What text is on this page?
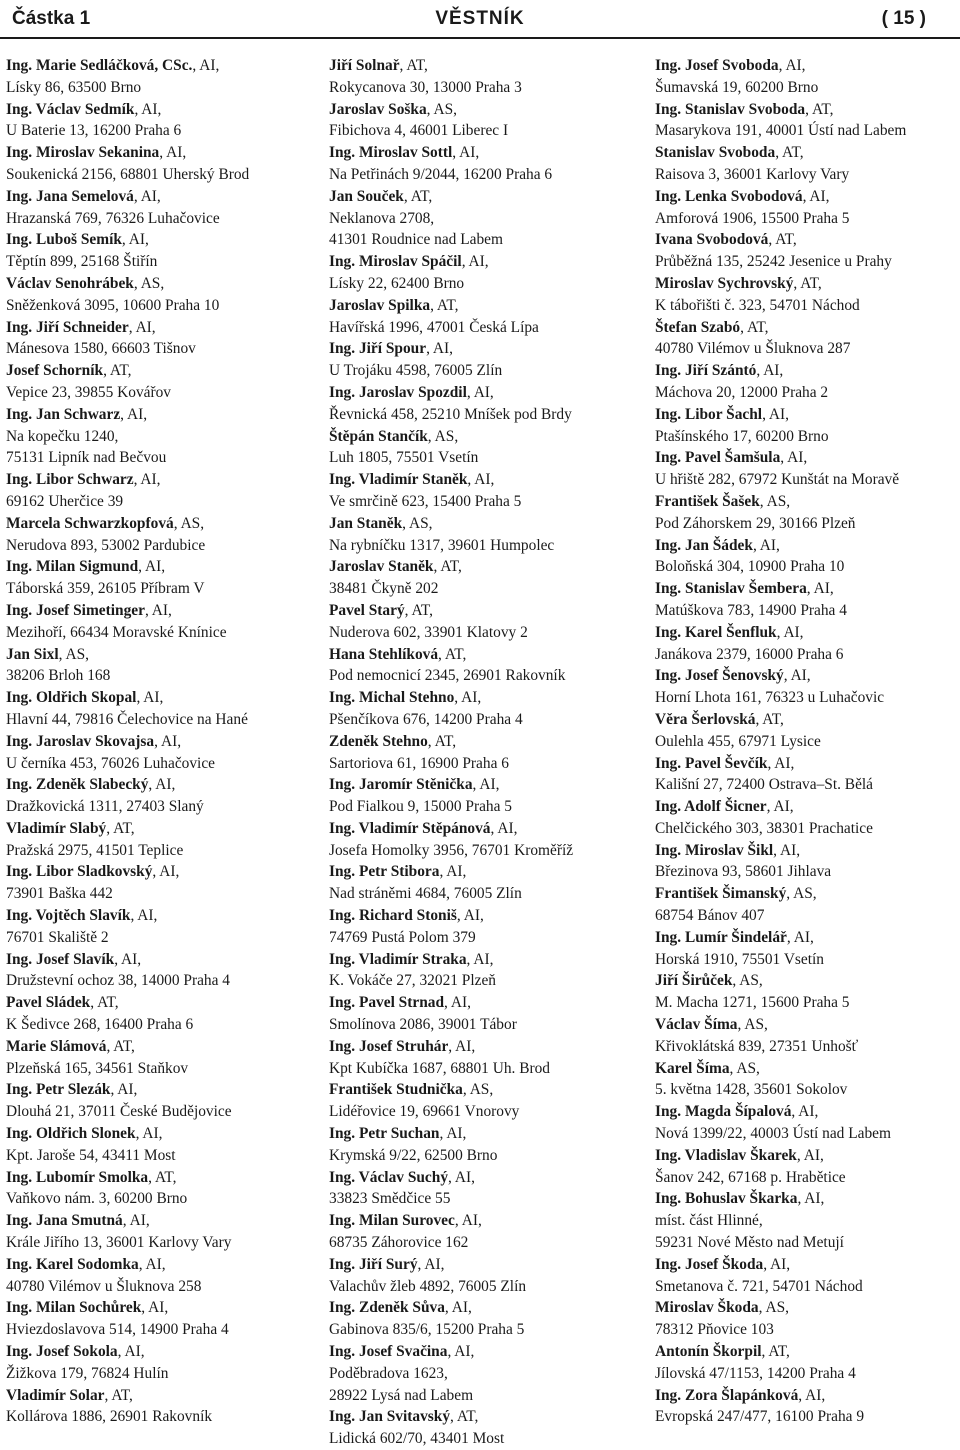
Částka 1	VĚSTNÍK	( 15 )
Ing. Marie Sedláčková, CSc., AI,
Lísky 86, 63500 Brno
Ing. Václav Sedmík, AI,
U Baterie 13, 16200 Praha 6
Ing. Miroslav Sekanina, AI,
Soukenická 2156, 68801 Uherský Brod
Ing. Jana Semelová, AI,
Hrazanská 769, 76326 Luhačovice
Ing. Luboš Semík, AI,
Těptín 899, 25168 Štiřín
Václav Senohrábek, AS,
Sněženková 3095, 10600 Praha 10
Ing. Jiří Schneider, AI,
Mánesova 1580, 66603 Tišnov
Josef Schorník, AT,
Vepice 23, 39855 Kovářov
Ing. Jan Schwarz, AI,
Na kopečku 1240,
75131 Lipník nad Bečvou
Ing. Libor Schwarz, AI,
69162 Uherčice 39
Marcela Schwarzkopfová, AS,
Nerudova 893, 53002 Pardubice
Ing. Milan Sigmund, AI,
Táborská 359, 26105 Příbram V
Ing. Josef Simetinger, AI,
Mezihoří, 66434 Moravské Knínice
Jan Sixl, AS,
38206 Brloh 168
Ing. Oldřich Skopal, AI,
Hlavní 44, 79816 Čelechovice na Hané
Ing. Jaroslav Skovajsa, AI,
U černíka 453, 76026 Luhačovice
Ing. Zdeněk Slabecký, AI,
Dražkovická 1311, 27403 Slaný
Vladimír Slabý, AT,
Pražská 2975, 41501 Teplice
Ing. Libor Sladkovský, AI,
73901 Baška 442
Ing. Vojtěch Slavík, AI,
76701 Skaliště 2
Ing. Josef Slavík, AI,
Družstevní ochoz 38, 14000 Praha 4
Pavel Sládek, AT,
K Šedivce 268, 16400 Praha 6
Marie Slámová, AT,
Plzeňská 165, 34561 Staňkov
Ing. Petr Slezák, AI,
Dlouhá 21, 37011 České Budějovice
Ing. Oldřich Slonek, AI,
Kpt. Jaroše 54, 43411 Most
Ing. Lubomír Smolka, AT,
Vaňkovo nám. 3, 60200 Brno
Ing. Jana Smutná, AI,
Krále Jiřího 13, 36001 Karlovy Vary
Ing. Karel Sodomka, AI,
40780 Vilémov u Šluknova 258
Ing. Milan Sochůrek, AI,
Hviezdoslavova 514, 14900 Praha 4
Ing. Josef Sokola, AI,
Žižkova 179, 76824 Hulín
Vladimír Solar, AT,
Kollárova 1886, 26901 Rakovník
Jiří Solnař, AT,
Rokycanova 30, 13000 Praha 3
Jaroslav Soška, AS,
Fibichova 4, 46001 Liberec I
Ing. Miroslav Sottl, AI,
Na Petřinách 9/2044, 16200 Praha 6
Jan Souček, AT,
Neklanova 2708,
41301 Roudnice nad Labem
Ing. Miroslav Spáčil, AI,
Lísky 22, 62400 Brno
Jaroslav Spilka, AT,
Havířská 1996, 47001 Česká Lípa
Ing. Jiří Spour, AI,
U Trojáku 4598, 76005 Zlín
Ing. Jaroslav Spozdil, AI,
Řevnická 458, 25210 Mníšek pod Brdy
Štěpán Stančík, AS,
Luh 1805, 75501 Vsetín
Ing. Vladimír Staněk, AI,
Ve smrčině 623, 15400 Praha 5
Jan Staněk, AS,
Na rybníčku 1317, 39601 Humpolec
Jaroslav Staněk, AT,
38481 Čkyně 202
Pavel Starý, AT,
Nuderova 602, 33901 Klatovy 2
Hana Stehlíková, AT,
Pod nemocnicí 2345, 26901 Rakovník
Ing. Michal Stehno, AI,
Pšenčíkova 676, 14200 Praha 4
Zdeněk Stehno, AT,
Sartoriova 61, 16900 Praha 6
Ing. Jaromír Stěnička, AI,
Pod Fialkou 9, 15000 Praha 5
Ing. Vladimír Stěpánová, AI,
Josefa Homolky 3956, 76701 Kroměříž
Ing. Petr Stibora, AI,
Nad stráněmi 4684, 76005 Zlín
Ing. Richard Stoniš, AI,
74769 Pustá Polom 379
Ing. Vladimír Straka, AI,
K. Vokáče 27, 32021 Plzeň
Ing. Pavel Strnad, AI,
Smolínova 2086, 39001 Tábor
Ing. Josef Struhár, AI,
Kpt Kubíčka 1687, 68801 Uh. Brod
František Studnička, AS,
Lidéřovice 19, 69661 Vnorovy
Ing. Petr Suchan, AI,
Krymská 9/22, 62500 Brno
Ing. Václav Suchý, AI,
33823 Smědčice 55
Ing. Milan Surovec, AI,
68735 Záhorovice 162
Ing. Jiří Surý, AI,
Valachův žleb 4892, 76005 Zlín
Ing. Zdeněk Sůva, AI,
Gabinova 835/6, 15200 Praha 5
Ing. Josef Svačina, AI,
Poděbradova 1623,
28922 Lysá nad Labem
Ing. Jan Svitavský, AT,
Lidická 602/70, 43401 Most
Ing. Josef Svoboda, AI,
Šumavská 19, 60200 Brno
Ing. Stanislav Svoboda, AT,
Masarykova 191, 40001 Ústí nad Labem
Stanislav Svoboda, AT,
Raisova 3, 36001 Karlovy Vary
Ing. Lenka Svobodová, AI,
Amforová 1906, 15500 Praha 5
Ivana Svobodová, AT,
Průběžná 135, 25242 Jesenice u Prahy
Miroslav Sychrovský, AT,
K tábořišti č. 323, 54701 Náchod
Štefan Szabó, AT,
40780 Vilémov u Šluknova 287
Ing. Jiří Szántó, AI,
Máchova 20, 12000 Praha 2
Ing. Libor Šachl, AI,
Ptašínského 17, 60200 Brno
Ing. Pavel Šamšula, AI,
U hřiště 282, 67972 Kunštát na Moravě
František Šašek, AS,
Pod Záhorskem 29, 30166 Plzeň
Ing. Jan Šádek, AI,
Boloňská 304, 10900 Praha 10
Ing. Stanislav Šembera, AI,
Matúškova 783, 14900 Praha 4
Ing. Karel Šenfluk, AI,
Janákova 2379, 16000 Praha 6
Ing. Josef Šenovský, AI,
Horní Lhota 161, 76323 u Luhačovic
Věra Šerlovská, AT,
Oulehla 455, 67971 Lysice
Ing. Pavel Ševčík, AI,
Kališní 27, 72400 Ostrava–St. Bělá
Ing. Adolf Šicner, AI,
Chelčického 303, 38301 Prachatice
Ing. Miroslav Šikl, AI,
Březinova 93, 58601 Jihlava
František Šimanský, AS,
68754 Bánov 407
Ing. Lumír Šindelář, AI,
Horská 1910, 75501 Vsetín
Jiří Širůček, AS,
M. Macha 1271, 15600 Praha 5
Václav Šíma, AS,
Křivoklátská 839, 27351 Unhošť
Karel Šíma, AS,
5. května 1428, 35601 Sokolov
Ing. Magda Šípalová, AI,
Nová 1399/22, 40003 Ústí nad Labem
Ing. Vladislav Škarek, AI,
Šanov 242, 67168 p. Hrabětice
Ing. Bohuslav Škarka, AI,
míst. část Hlinné,
59231 Nové Město nad Metují
Ing. Josef Škoda, AI,
Smetanova č. 721, 54701 Náchod
Miroslav Škoda, AS,
78312 Pňovice 103
Antonín Škorpil, AT,
Jílovská 47/1153, 14200 Praha 4
Ing. Zora Šlapánková, AI,
Evropská 247/477, 16100 Praha 9
